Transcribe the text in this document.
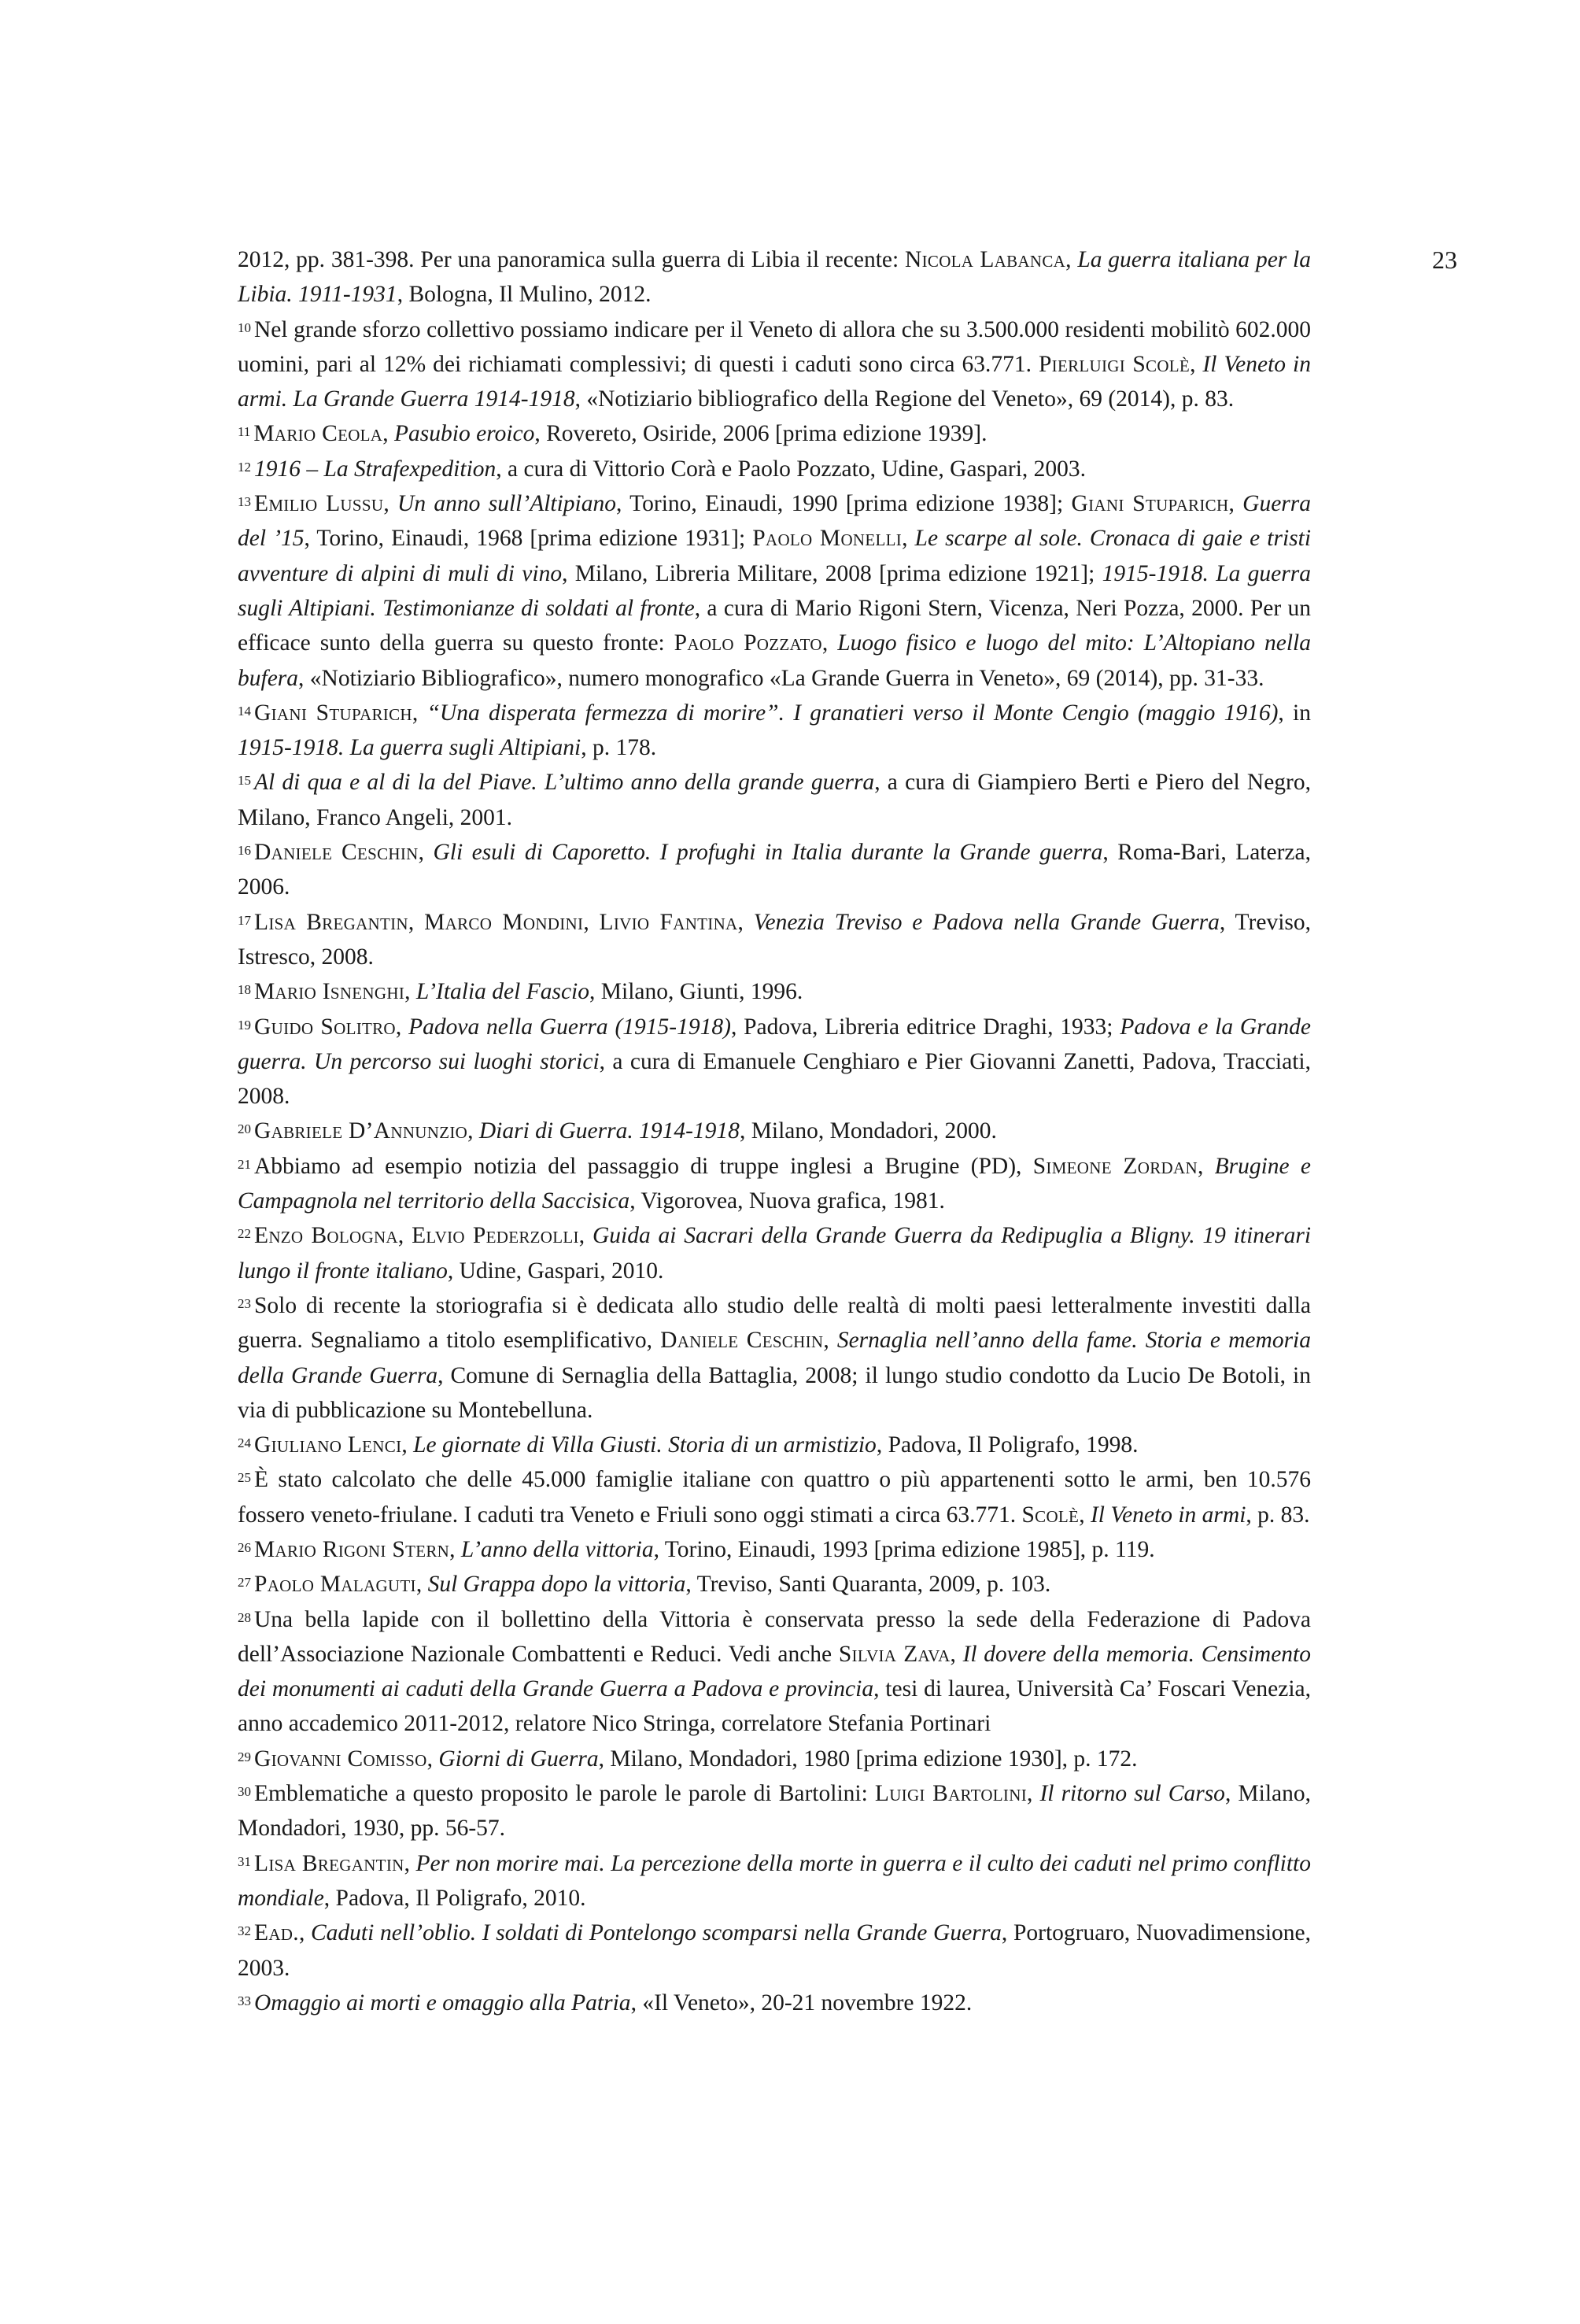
23

2012, pp. 381-398. Per una panoramica sulla guerra di Libia il recente: Nicola Labanca, La guerra italiana per la Libia. 1911-1931, Bologna, Il Mulino, 2012.

$^{10}$ Nel grande sforzo collettivo possiamo indicare per il Veneto di allora che su 3.500.000 residenti mobilitò 602.000 uomini, pari al 12% dei richiamati complessivi; di questi i caduti sono circa 63.771. Pierluigi Scolè, Il Veneto in armi. La Grande Guerra 1914-1918, «Notiziario bibliografico della Regione del Veneto», 69 (2014), p. 83.

$^{11}$ Mario Ceola, Pasubio eroico, Rovereto, Osiride, 2006 [prima edizione 1939].

$^{12}$ 1916 – La Strafexpedition, a cura di Vittorio Corà e Paolo Pozzato, Udine, Gaspari, 2003.

$^{13}$ Emilio Lussu, Un anno sull’Altipiano, Torino, Einaudi, 1990 [prima edizione 1938]; Giani Stuparich, Guerra del ’15, Torino, Einaudi, 1968 [prima edizione 1931]; Paolo Monelli, Le scarpe al sole. Cronaca di gaie e tristi avventure di alpini di muli di vino, Milano, Libreria Militare, 2008 [prima edizione 1921]; 1915-1918. La guerra sugli Altipiani. Testimonianze di soldati al fronte, a cura di Mario Rigoni Stern, Vicenza, Neri Pozza, 2000. Per un efficace sunto della guerra su questo fronte: Paolo Pozzato, Luogo fisico e luogo del mito: L’Altopiano nella bufera, «Notiziario Bibliografico», numero monografico «La Grande Guerra in Veneto», 69 (2014), pp. 31-33.

$^{14}$ Giani Stuparich, “Una disperata fermezza di morire”. I granatieri verso il Monte Cengio (maggio 1916), in 1915-1918. La guerra sugli Altipiani, p. 178.

$^{15}$ Al di qua e al di la del Piave. L’ultimo anno della grande guerra, a cura di Giampiero Berti e Piero del Negro, Milano, Franco Angeli, 2001.

$^{16}$ Daniele Ceschin, Gli esuli di Caporetto. I profughi in Italia durante la Grande guerra, Roma-Bari, Laterza, 2006.

$^{17}$ Lisa Bregantin, Marco Mondini, Livio Fantina, Venezia Treviso e Padova nella Grande Guerra, Treviso, Istresco, 2008.

$^{18}$ Mario Isnenghi, L’Italia del Fascio, Milano, Giunti, 1996.

$^{19}$ Guido Solitro, Padova nella Guerra (1915-1918), Padova, Libreria editrice Draghi, 1933; Padova e la Grande guerra. Un percorso sui luoghi storici, a cura di Emanuele Cenghiaro e Pier Giovanni Zanetti, Padova, Tracciati, 2008.

$^{20}$ Gabriele D’Annunzio, Diari di Guerra. 1914-1918, Milano, Mondadori, 2000.

$^{21}$ Abbiamo ad esempio notizia del passaggio di truppe inglesi a Brugine (PD), Simeone Zordan, Brugine e Campagnola nel territorio della Saccisica, Vigorovea, Nuova grafica, 1981.

$^{22}$ Enzo Bologna, Elvio Pederzolli, Guida ai Sacrari della Grande Guerra da Redipuglia a Bligny. 19 itinerari lungo il fronte italiano, Udine, Gaspari, 2010.

$^{23}$ Solo di recente la storiografia si è dedicata allo studio delle realtà di molti paesi letteralmente investiti dalla guerra. Segnaliamo a titolo esemplificativo, Daniele Ceschin, Sernaglia nell’anno della fame. Storia e memoria della Grande Guerra, Comune di Sernaglia della Battaglia, 2008; il lungo studio condotto da Lucio De Botoli, in via di pubblicazione su Montebelluna.

$^{24}$ Giuliano Lenci, Le giornate di Villa Giusti. Storia di un armistizio, Padova, Il Poligrafo, 1998.

$^{25}$ È stato calcolato che delle 45.000 famiglie italiane con quattro o più appartenenti sotto le armi, ben 10.576 fossero veneto-friulane. I caduti tra Veneto e Friuli sono oggi stimati a circa 63.771. Scolè, Il Veneto in armi, p. 83.

$^{26}$ Mario Rigoni Stern, L’anno della vittoria, Torino, Einaudi, 1993 [prima edizione 1985], p. 119.

$^{27}$ Paolo Malaguti, Sul Grappa dopo la vittoria, Treviso, Santi Quaranta, 2009, p. 103.

$^{28}$ Una bella lapide con il bollettino della Vittoria è conservata presso la sede della Federazione di Padova dell’Associazione Nazionale Combattenti e Reduci. Vedi anche Silvia Zava, Il dovere della memoria. Censimento dei monumenti ai caduti della Grande Guerra a Padova e provincia, tesi di laurea, Università Ca’ Foscari Venezia, anno accademico 2011-2012, relatore Nico Stringa, correlatore Stefania Portinari

$^{29}$ Giovanni Comisso, Giorni di Guerra, Milano, Mondadori, 1980 [prima edizione 1930], p. 172.

$^{30}$ Emblematiche a questo proposito le parole le parole di Bartolini: Luigi Bartolini, Il ritorno sul Carso, Milano, Mondadori, 1930, pp. 56-57.

$^{31}$ Lisa Bregantin, Per non morire mai. La percezione della morte in guerra e il culto dei caduti nel primo conflitto mondiale, Padova, Il Poligrafo, 2010.

$^{32}$ Ead., Caduti nell’oblio. I soldati di Pontelongo scomparsi nella Grande Guerra, Portogruaro, Nuovadimensione, 2003.

$^{33}$ Omaggio ai morti e omaggio alla Patria, «Il Veneto», 20-21 novembre 1922.
